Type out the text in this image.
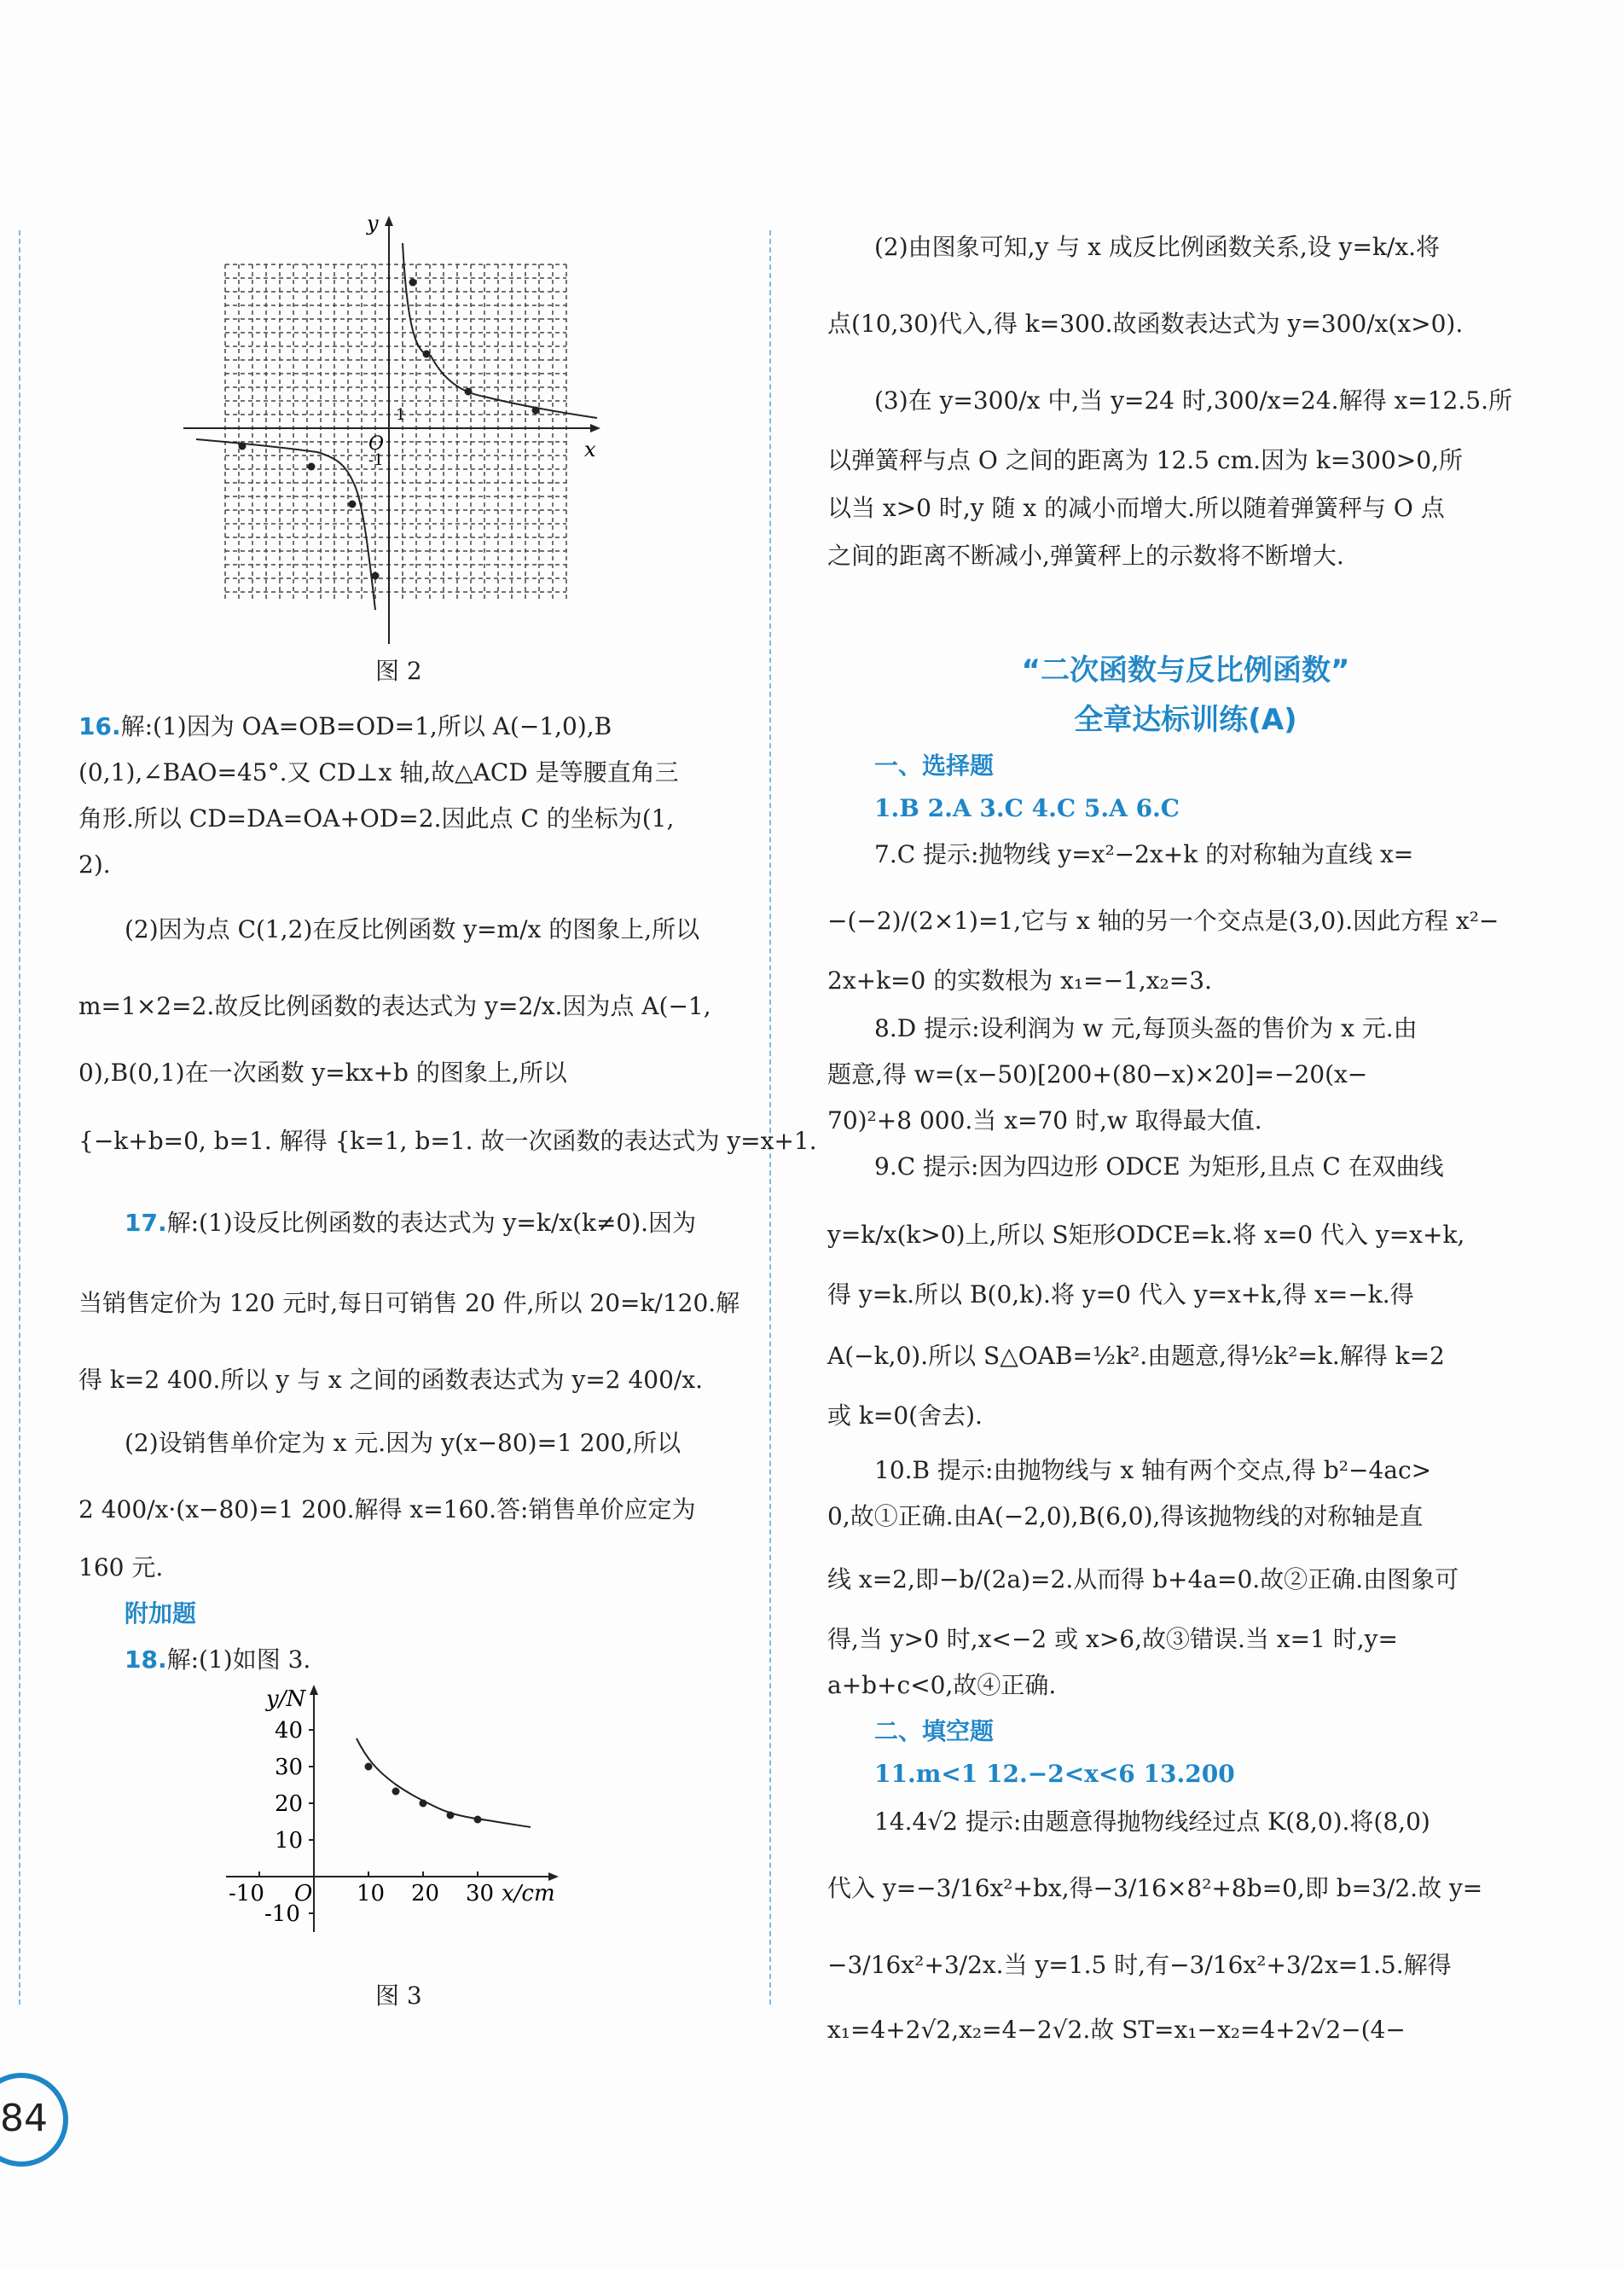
x
y
O
1
-1
图 2
16.解:(1)因为 OA=OB=OD=1,所以 A(−1,0),B
(0,1),∠BAO=45°.又 CD⊥x 轴,故△ACD 是等腰直角三
角形.所以 CD=DA=OA+OD=2.因此点 C 的坐标为(1,
2).
(2)因为点 C(1,2)在反比例函数 y=m/x 的图象上,所以
m=1×2=2.故反比例函数的表达式为 y=2/x.因为点 A(−1,
0),B(0,1)在一次函数 y=kx+b 的图象上,所以
{−k+b=0, b=1. 解得 {k=1, b=1. 故一次函数的表达式为 y=x+1.
17.解:(1)设反比例函数的表达式为 y=k/x(k≠0).因为
当销售定价为 120 元时,每日可销售 20 件,所以 20=k/120.解
得 k=2 400.所以 y 与 x 之间的函数表达式为 y=2 400/x.
(2)设销售单价定为 x 元.因为 y(x−80)=1 200,所以
2 400/x·(x−80)=1 200.解得 x=160.答:销售单价应定为
160 元.
附加题
18.解:(1)如图 3.
y/N
x/cm
O
40
30
20
10
-10
-10	10 20 30
图 3
(2)由图象可知,y 与 x 成反比例函数关系,设 y=k/x.将
点(10,30)代入,得 k=300.故函数表达式为 y=300/x(x>0).
(3)在 y=300/x 中,当 y=24 时,300/x=24.解得 x=12.5.所
以弹簧秤与点 O 之间的距离为 12.5 cm.因为 k=300>0,所
以当 x>0 时,y 随 x 的减小而增大.所以随着弹簧秤与 O 点
之间的距离不断减小,弹簧秤上的示数将不断增大.
“二次函数与反比例函数”
全章达标训练(A)
一、选择题
1.B 2.A 3.C 4.C 5.A 6.C
7.C 提示:抛物线 y=x²−2x+k 的对称轴为直线 x=
−(−2)/(2×1)=1,它与 x 轴的另一个交点是(3,0).因此方程 x²−
2x+k=0 的实数根为 x₁=−1,x₂=3.
8.D 提示:设利润为 w 元,每顶头盔的售价为 x 元.由
题意,得 w=(x−50)[200+(80−x)×20]=−20(x−
70)²+8 000.当 x=70 时,w 取得最大值.
9.C 提示:因为四边形 ODCE 为矩形,且点 C 在双曲线
y=k/x(k>0)上,所以 S矩形ODCE=k.将 x=0 代入 y=x+k,
得 y=k.所以 B(0,k).将 y=0 代入 y=x+k,得 x=−k.得
A(−k,0).所以 S△OAB=½k².由题意,得½k²=k.解得 k=2
或 k=0(舍去).
10.B 提示:由抛物线与 x 轴有两个交点,得 b²−4ac>
0,故①正确.由A(−2,0),B(6,0),得该抛物线的对称轴是直
线 x=2,即−b/(2a)=2.从而得 b+4a=0.故②正确.由图象可
得,当 y>0 时,x<−2 或 x>6,故③错误.当 x=1 时,y=
a+b+c<0,故④正确.
二、填空题
11.m<1 12.−2<x<6 13.200
14.4√2 提示:由题意得抛物线经过点 K(8,0).将(8,0)
代入 y=−3/16x²+bx,得−3/16×8²+8b=0,即 b=3/2.故 y=
−3/16x²+3/2x.当 y=1.5 时,有−3/16x²+3/2x=1.5.解得
x₁=4+2√2,x₂=4−2√2.故 ST=x₁−x₂=4+2√2−(4−
84
